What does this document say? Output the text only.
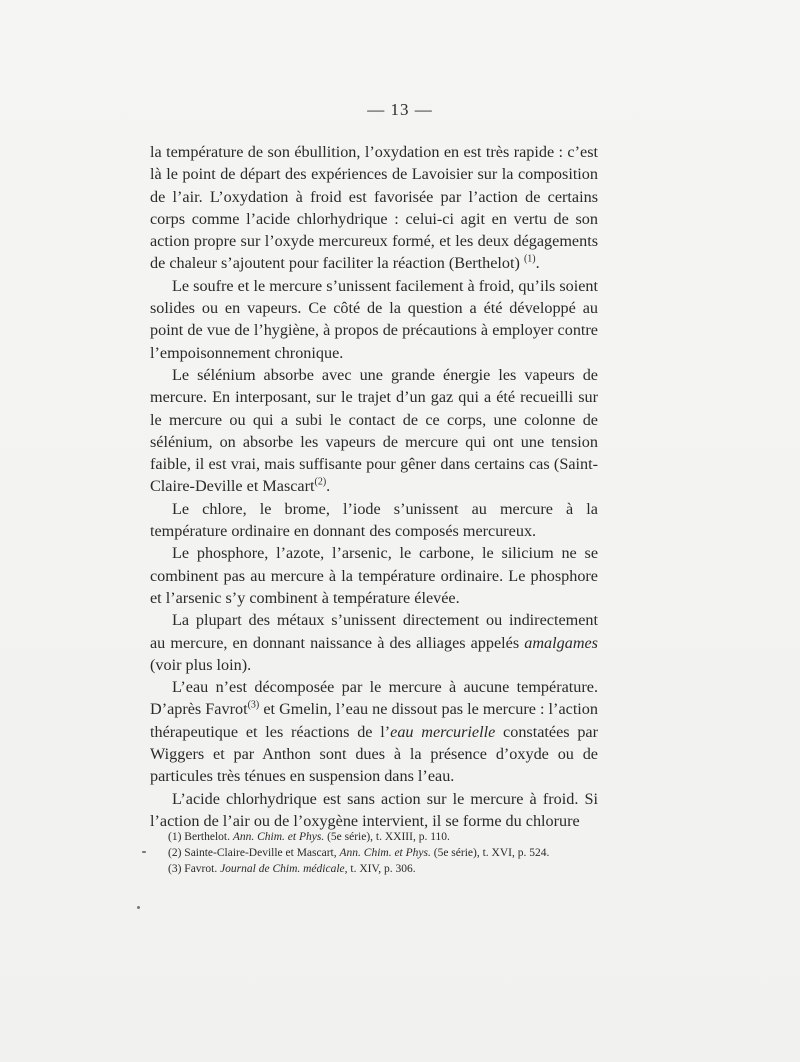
— 13 —

la température de son ébullition, l’oxydation en est très rapide : c’est là le point de départ des expériences de Lavoisier sur la composition de l’air. L’oxydation à froid est favorisée par l’action de certains corps comme l’acide chlorhydrique : celui-ci agit en vertu de son action propre sur l’oxyde mercureux formé, et les deux dégagements de chaleur s’ajoutent pour faciliter la réaction (Berthelot) $^{(1)}$.

Le soufre et le mercure s’unissent facilement à froid, qu’ils soient solides ou en vapeurs. Ce côté de la question a été développé au point de vue de l’hygiène, à propos de précautions à employer contre l’empoisonnement chronique.

Le sélénium absorbe avec une grande énergie les vapeurs de mercure. En interposant, sur le trajet d’un gaz qui a été recueilli sur le mercure ou qui a subi le contact de ce corps, une colonne de sélénium, on absorbe les vapeurs de mercure qui ont une tension faible, il est vrai, mais suffisante pour gêner dans certains cas (Saint-Claire-Deville et Mascart$^{(2)}$.

Le chlore, le brome, l’iode s’unissent au mercure à la température ordinaire en donnant des composés mercureux.

Le phosphore, l’azote, l’arsenic, le carbone, le silicium ne se combinent pas au mercure à la température ordinaire. Le phosphore et l’arsenic s’y combinent à température élevée.

La plupart des métaux s’unissent directement ou indirectement au mercure, en donnant naissance à des alliages appelés amalgames (voir plus loin).

L’eau n’est décomposée par le mercure à aucune température. D’après Favrot$^{(3)}$ et Gmelin, l’eau ne dissout pas le mercure : l’action thérapeutique et les réactions de l’eau mercurielle constatées par Wiggers et par Anthon sont dues à la présence d’oxyde ou de particules très ténues en suspension dans l’eau.

L’acide chlorhydrique est sans action sur le mercure à froid. Si l’action de l’air ou de l’oxygène intervient, il se forme du chlorure

(1) Berthelot. Ann. Chim. et Phys. (5e série), t. XXIII, p. 110.

(2) Sainte-Claire-Deville et Mascart, Ann. Chim. et Phys. (5e série), t. XVI, p. 524.

(3) Favrot. Journal de Chim. médicale, t. XIV, p. 306.
